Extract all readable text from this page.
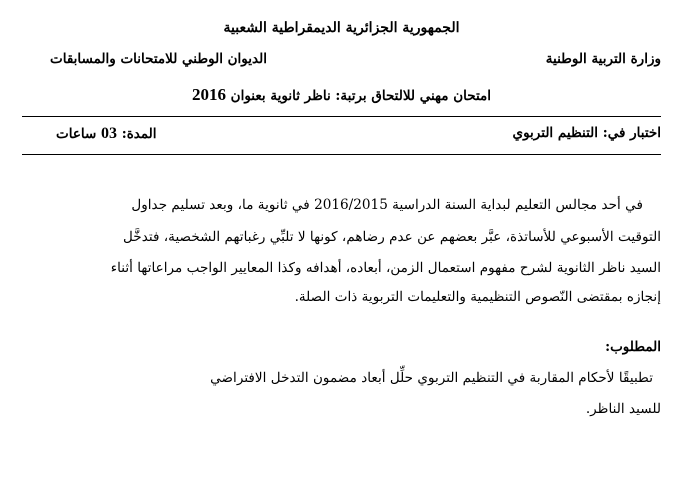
الجمهورية الجزائرية الديمقراطية الشعبية
وزارة التربية الوطنية
الديوان الوطني للامتحانات والمسابقات
امتحان مهني للالتحاق برتبة: ناظر ثانوية بعنوان 2016
اختبار في: التنظيم التربوي
المدة: 03 ساعات
في أحد مجالس التعليم لبداية السنة الدراسية 2016/2015 في ثانوية ما، وبعد تسليم جداول
التوقيت الأسبوعي للأساتذة، عبَّر بعضهم عن عدم رضاهم، كونها لا تلبِّي رغباتهم الشخصية، فتدخَّل
السيد ناظر الثانوية لشرح مفهوم استعمال الزمن، أبعاده، أهدافه وكذا المعايير الواجب مراعاتها أثناء
إنجازه بمقتضى النّصوص التنظيمية والتعليمات التربوية ذات الصلة.
المطلوب:
تطبيقًا لأحكام المقاربة في التنظيم التربوي حلِّل أبعاد مضمون التدخل الافتراضي
للسيد الناظر.
